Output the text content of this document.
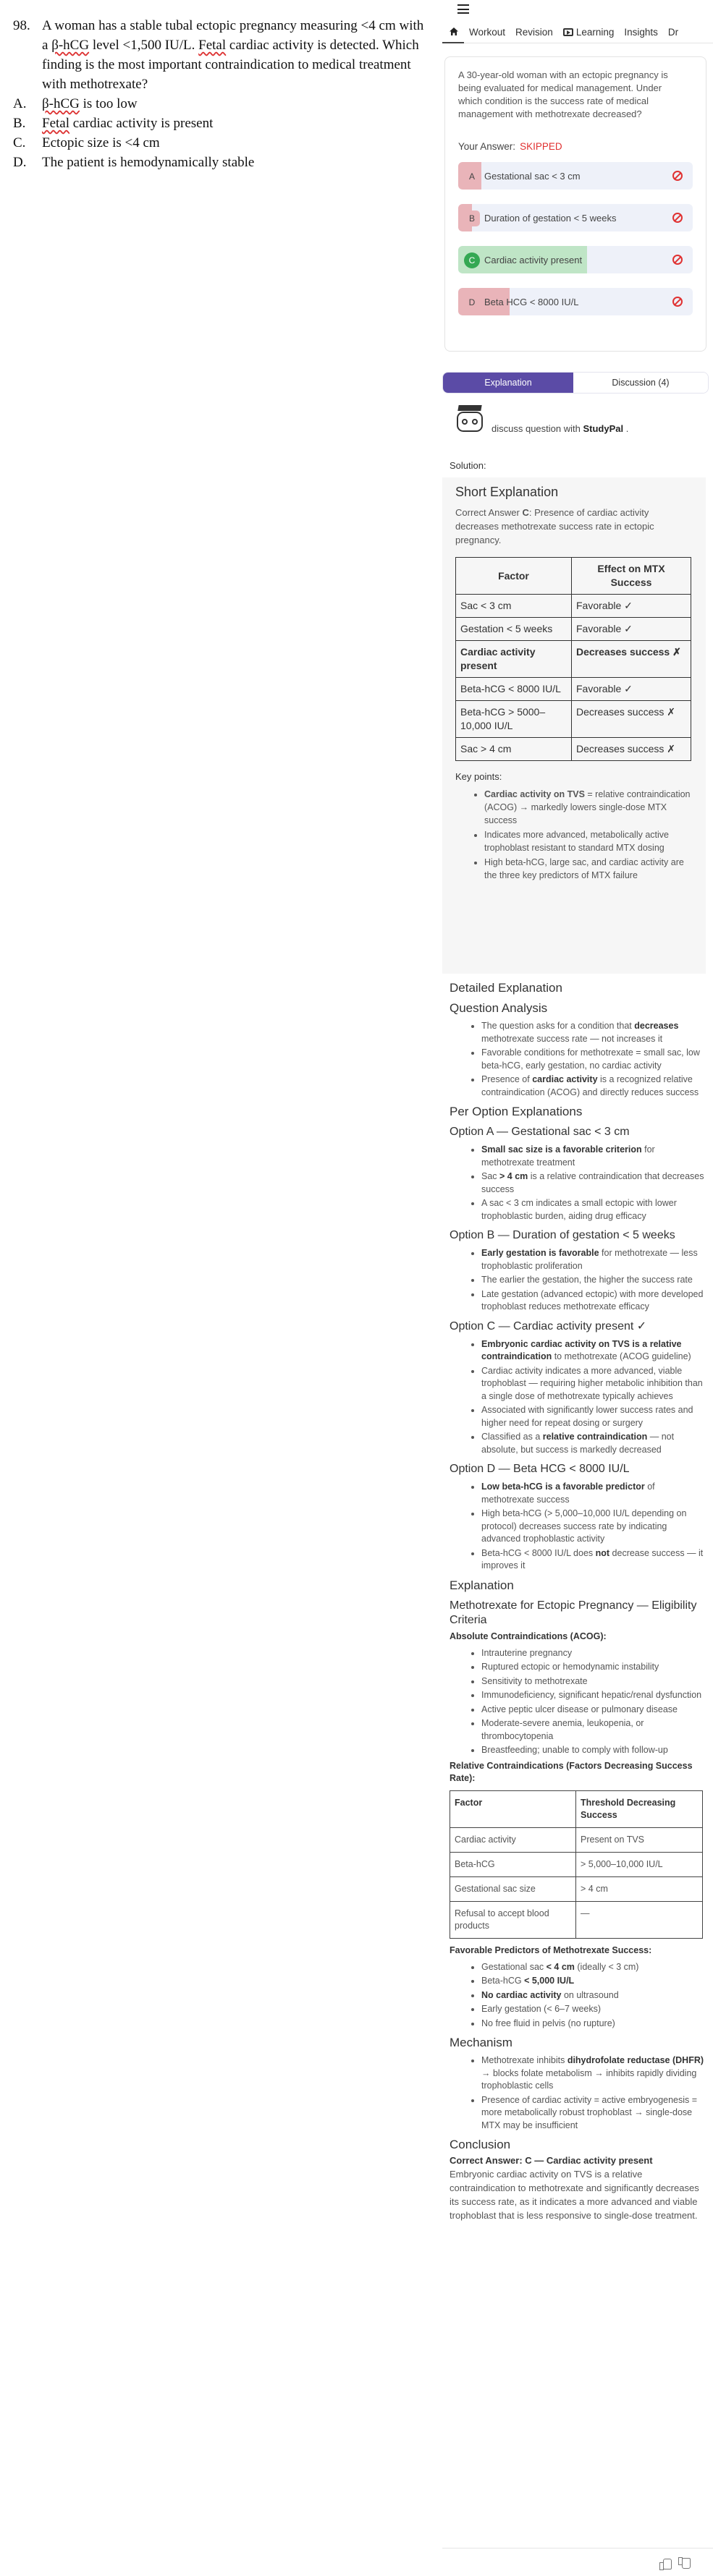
98. A woman has a stable tubal ectopic pregnancy measuring <4 cm with a β-hCG level <1,500 IU/L. Fetal cardiac activity is detected. Which finding is the most important contraindication to medical treatment with methotrexate?
A.	β-hCG is too low
B.	Fetal cardiac activity is present
C.	Ectopic size is <4 cm
D.	The patient is hemodynamically stable
Workout	Revision	Learning	Insights	Dr
A 30-year-old woman with an ectopic pregnancy is being evaluated for medical management. Under which condition is the success rate of medical management with methotrexate decreased?
Your Answer: SKIPPED
A	Gestational sac < 3 cm
B	Duration of gestation < 5 weeks
C Cardiac activity present
D Beta HCG < 8000 IU/L
Explanation	Discussion (4)
discuss question with StudyPal .
Solution:
Short Explanation
Correct Answer C: Presence of cardiac activity decreases methotrexate success rate in ectopic pregnancy.
Factor	Effect on MTX Success
Sac < 3 cm	Favorable ✓
Gestation < 5 weeks	Favorable ✓
Cardiac activity present	Decreases success ✗
Beta-hCG < 8000 IU/L	Favorable ✓
Beta-hCG > 5000–10,000 IU/L	Decreases success ✗
Sac > 4 cm	Decreases success ✗
Key points:
• Cardiac activity on TVS = relative contraindication (ACOG) → markedly lowers single-dose MTX success
• Indicates more advanced, metabolically active trophoblast resistant to standard MTX dosing
• High beta-hCG, large sac, and cardiac activity are the three key predictors of MTX failure
Detailed Explanation
Question Analysis
• The question asks for a condition that decreases methotrexate success rate — not increases it
• Favorable conditions for methotrexate = small sac, low beta-hCG, early gestation, no cardiac activity
• Presence of cardiac activity is a recognized relative contraindication (ACOG) and directly reduces success
Per Option Explanations
Option A — Gestational sac < 3 cm
• Small sac size is a favorable criterion for methotrexate treatment
• Sac > 4 cm is a relative contraindication that decreases success
• A sac < 3 cm indicates a small ectopic with lower trophoblastic burden, aiding drug efficacy
Option B — Duration of gestation < 5 weeks
• Early gestation is favorable for methotrexate — less trophoblastic proliferation
• The earlier the gestation, the higher the success rate
• Late gestation (advanced ectopic) with more developed trophoblast reduces methotrexate efficacy
Option C — Cardiac activity present ✓
• Embryonic cardiac activity on TVS is a relative contraindication to methotrexate (ACOG guideline)
• Cardiac activity indicates a more advanced, viable trophoblast — requiring higher metabolic inhibition than a single dose of methotrexate typically achieves
• Associated with significantly lower success rates and higher need for repeat dosing or surgery
• Classified as a relative contraindication — not absolute, but success is markedly decreased
Option D — Beta HCG < 8000 IU/L
• Low beta-hCG is a favorable predictor of methotrexate success
• High beta-hCG (> 5,000–10,000 IU/L depending on protocol) decreases success rate by indicating advanced trophoblastic activity
• Beta-hCG < 8000 IU/L does not decrease success — it improves it
Explanation
Methotrexate for Ectopic Pregnancy — Eligibility Criteria
Absolute Contraindications (ACOG):
• Intrauterine pregnancy
• Ruptured ectopic or hemodynamic instability
• Sensitivity to methotrexate
• Immunodeficiency, significant hepatic/renal dysfunction
• Active peptic ulcer disease or pulmonary disease
• Moderate-severe anemia, leukopenia, or thrombocytopenia
• Breastfeeding; unable to comply with follow-up
Relative Contraindications (Factors Decreasing Success Rate):
Factor	Threshold Decreasing Success
Cardiac activity	Present on TVS
Beta-hCG	> 5,000–10,000 IU/L
Gestational sac size	> 4 cm
Refusal to accept blood products	—
Favorable Predictors of Methotrexate Success:
• Gestational sac < 4 cm (ideally < 3 cm)
• Beta-hCG < 5,000 IU/L
• No cardiac activity on ultrasound
• Early gestation (< 6–7 weeks)
• No free fluid in pelvis (no rupture)
Mechanism
• Methotrexate inhibits dihydrofolate reductase (DHFR) → blocks folate metabolism → inhibits rapidly dividing trophoblastic cells
• Presence of cardiac activity = active embryogenesis = more metabolically robust trophoblast → single-dose MTX may be insufficient
Conclusion
Correct Answer: C — Cardiac activity present
Embryonic cardiac activity on TVS is a relative contraindication to methotrexate and significantly decreases its success rate, as it indicates a more advanced and viable trophoblast that is less responsive to single-dose treatment.
